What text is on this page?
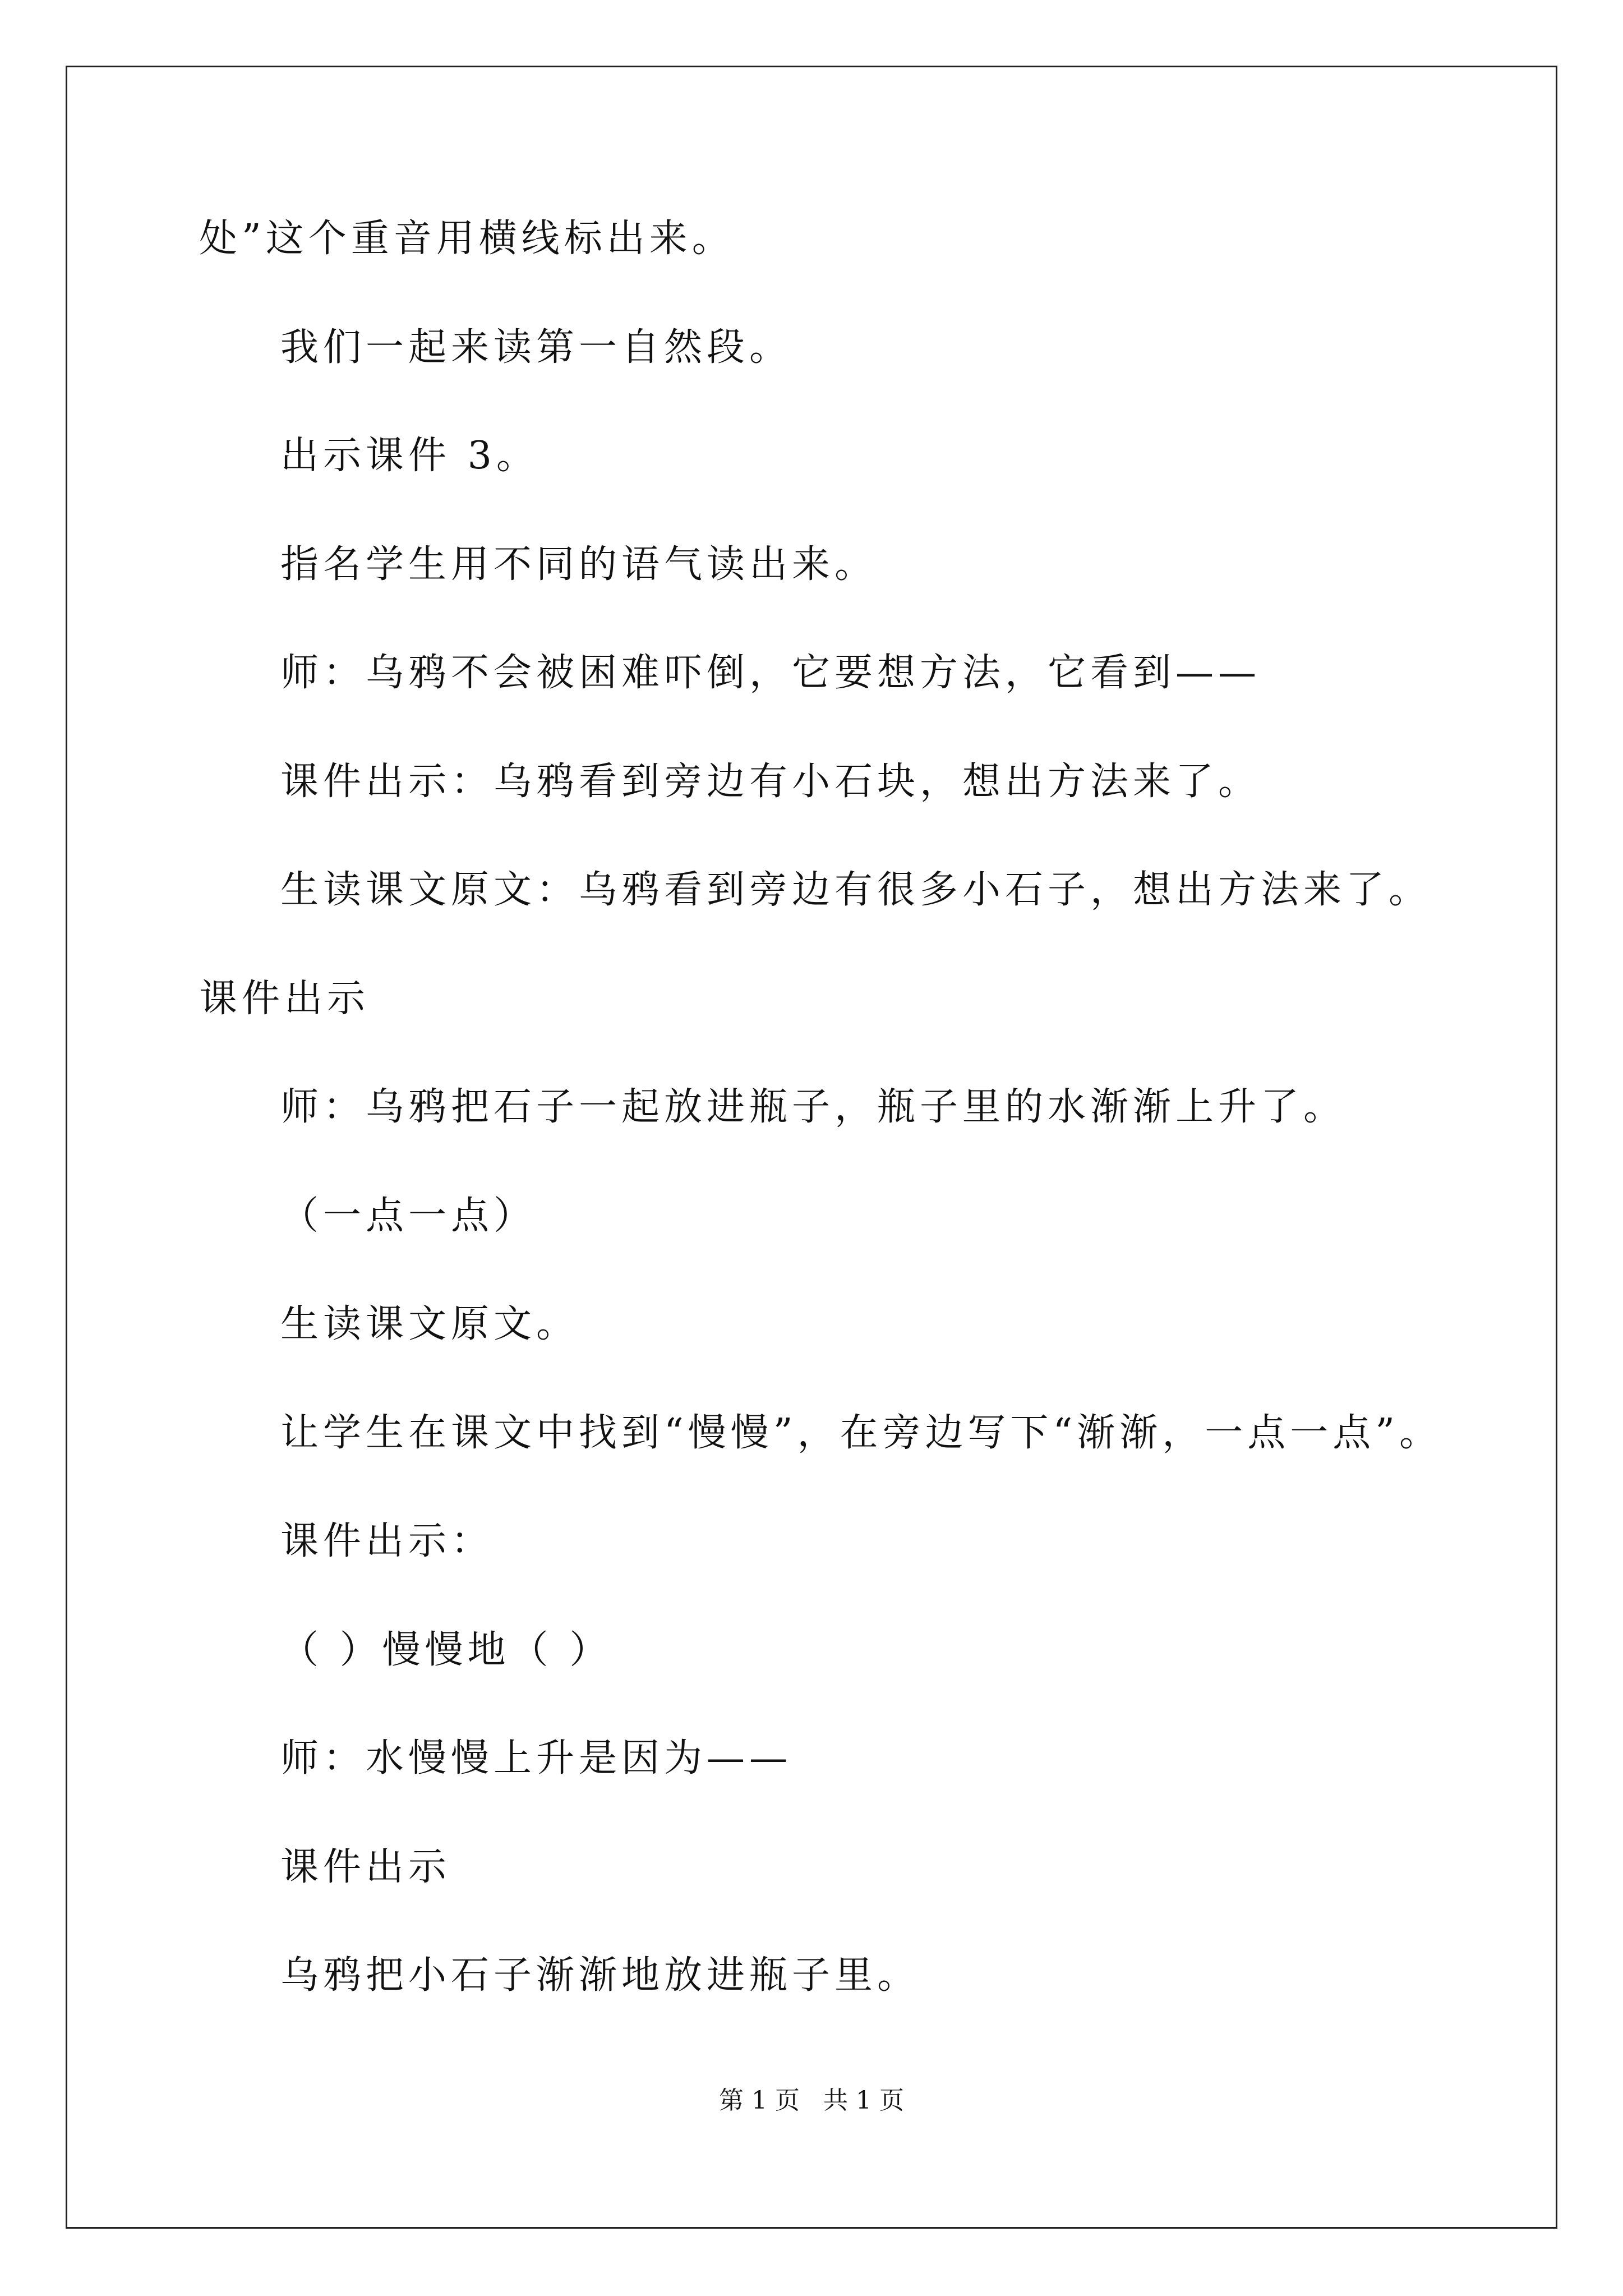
处”这个重音用横线标出来。
我们一起来读第一自然段。
出示课件 3。
指名学生用不同的语气读出来。
师：乌鸦不会被困难吓倒，它要想方法，它看到——
课件出示：乌鸦看到旁边有小石块，想出方法来了。
生读课文原文：乌鸦看到旁边有很多小石子，想出方法来了。
课件出示
师：乌鸦把石子一起放进瓶子，瓶子里的水渐渐上升了。
（一点一点）
生读课文原文。
让学生在课文中找到“慢慢”，在旁边写下“渐渐，一点一点”。
课件出示：
（ ）慢慢地（ ）
师：水慢慢上升是因为——
课件出示
乌鸦把小石子渐渐地放进瓶子里。
第 1 页   共 1 页
